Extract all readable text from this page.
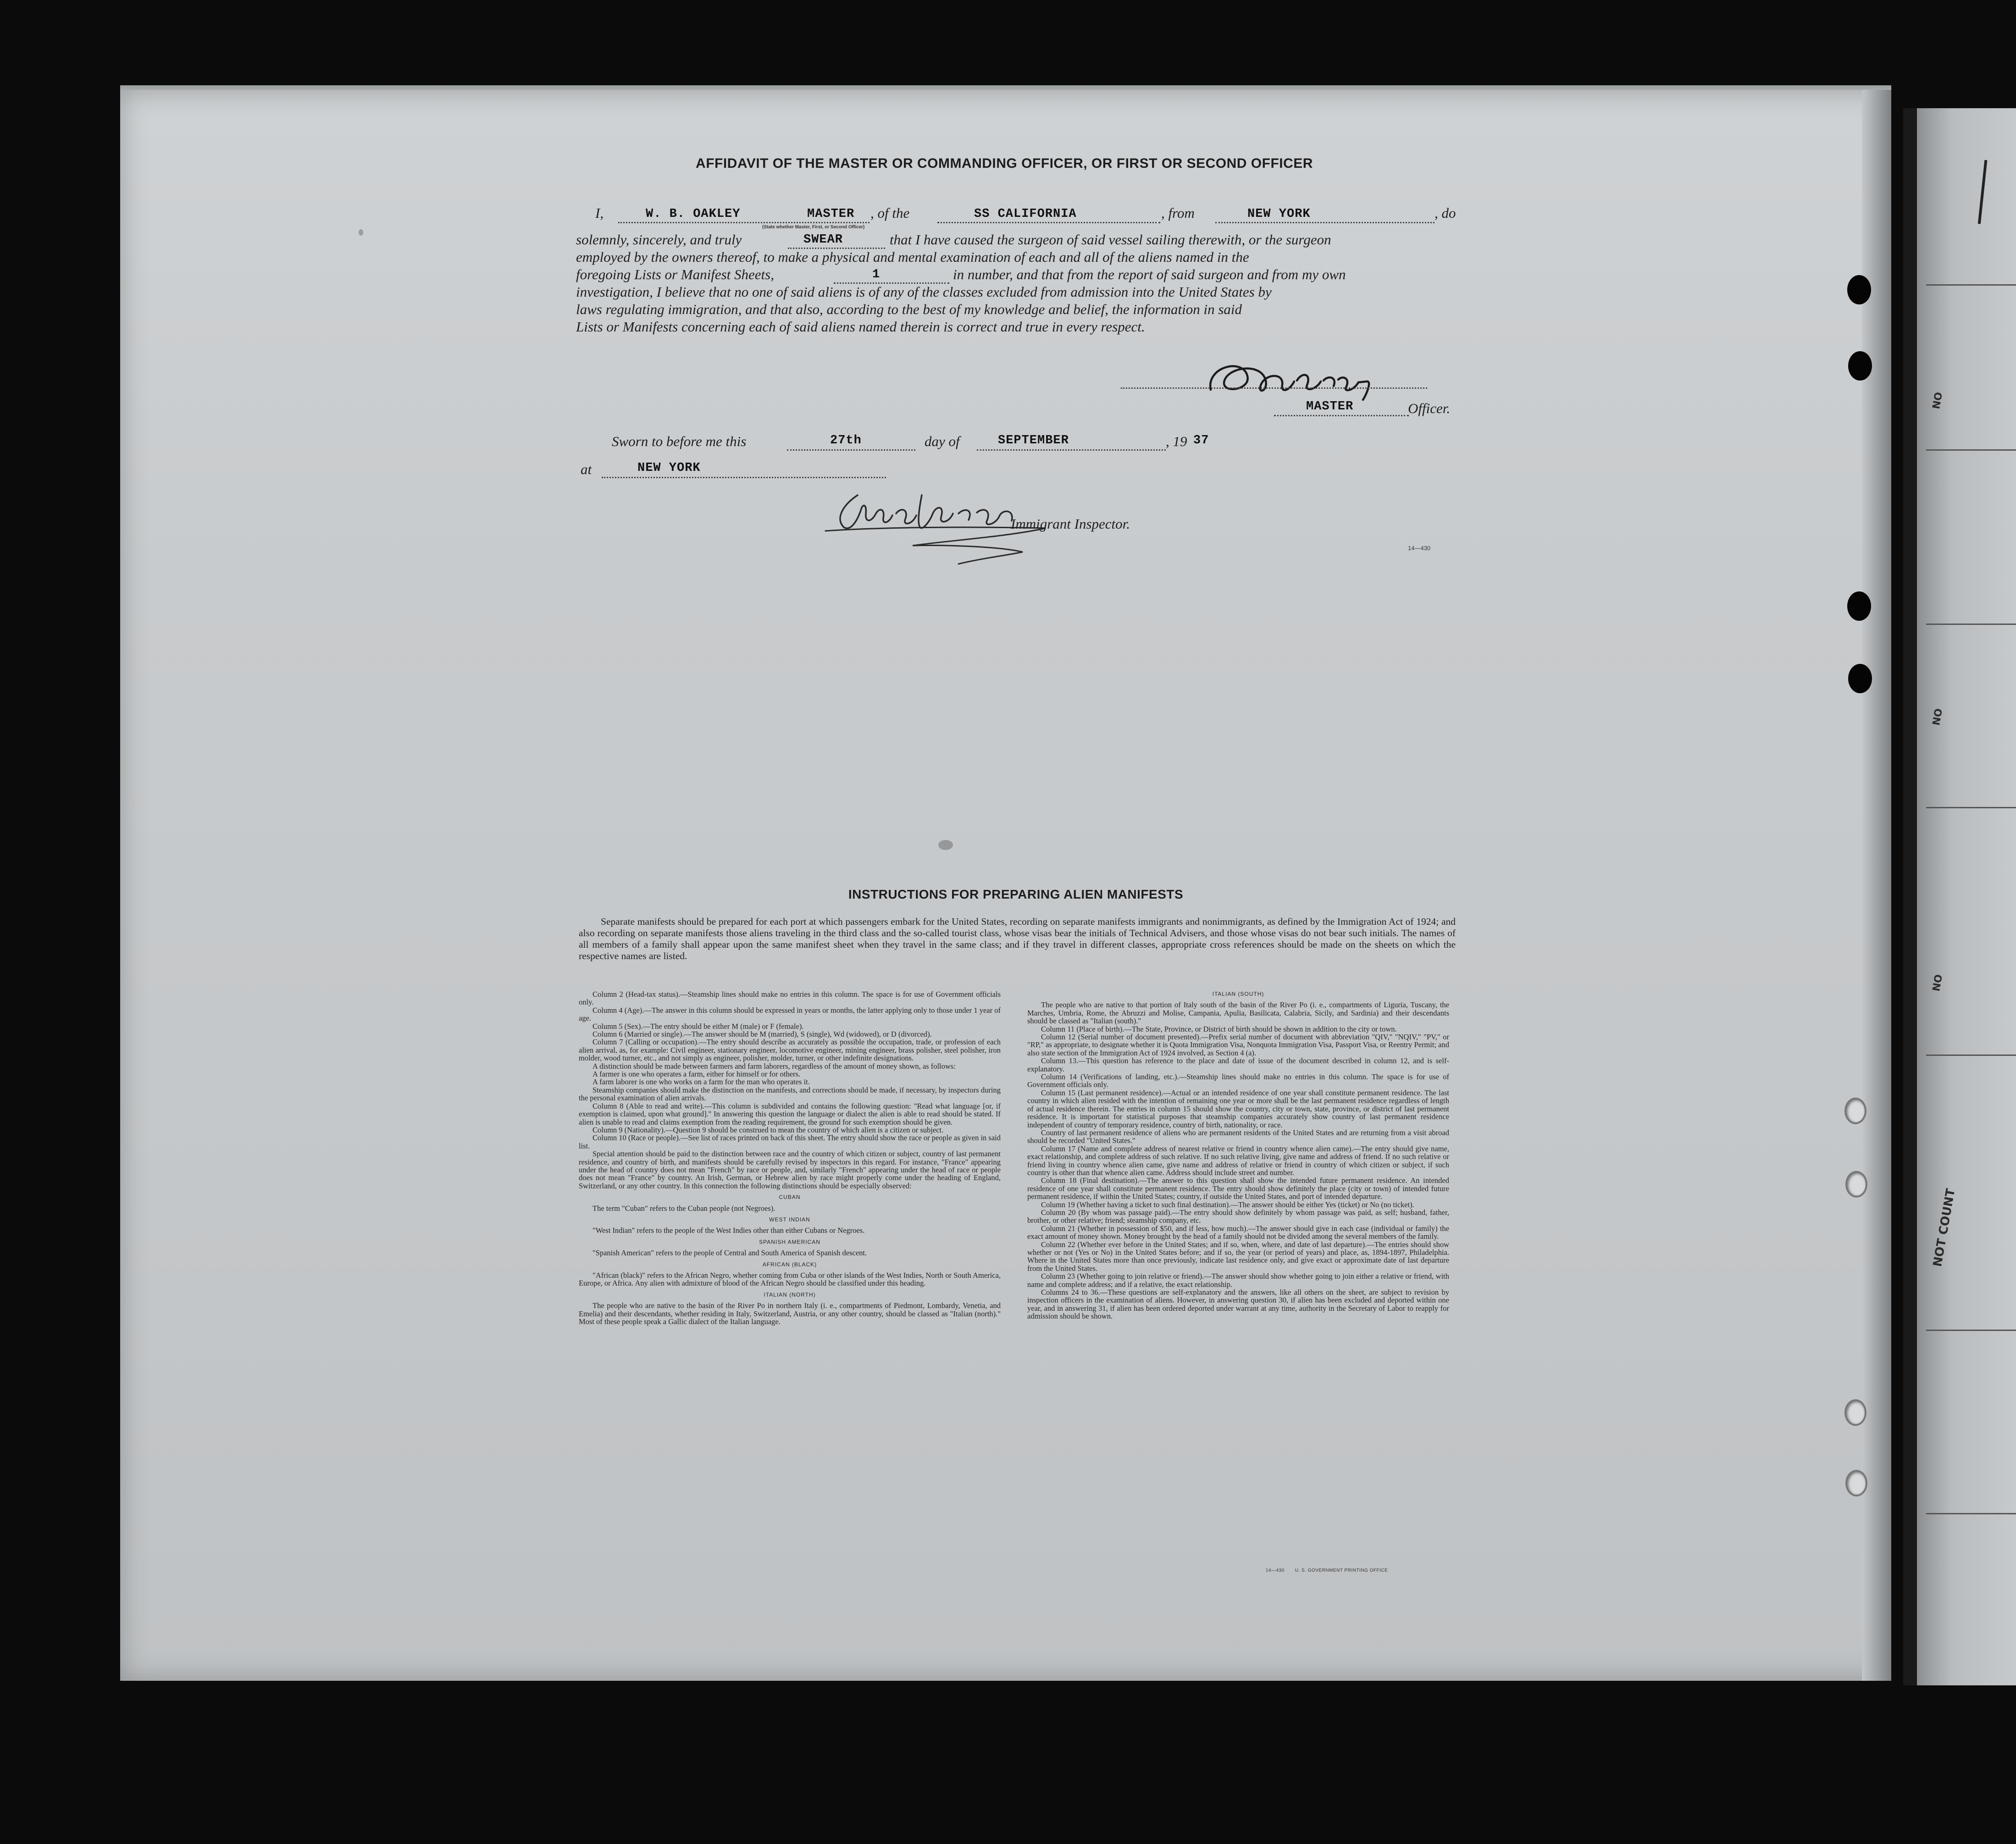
NO
NO
NO
NOT COUNT
AFFIDAVIT OF THE MASTER OR COMMANDING OFFICER, OR FIRST OR SECOND OFFICER
I,	W. B. OAKLEY	MASTER
(State whether Master, First, or Second Officer)
, of the	SS CALIFORNIA	, from	NEW YORK	, do
solemnly, sincerely, and truly	SWEAR	that I have caused the surgeon of said vessel sailing therewith, or the surgeon
employed by the owners thereof, to make a physical and mental examination of each and all of the aliens named in the
foregoing Lists or Manifest Sheets,	1	in number, and that from the report of said surgeon and from my own
investigation, I believe that no one of said aliens is of any of the classes excluded from admission into the United States by
laws regulating immigration, and that also, according to the best of my knowledge and belief, the information in said
Lists or Manifests concerning each of said aliens named therein is correct and true in every respect.
MASTER	Officer.
Sworn to before me this	27th	day of	SEPTEMBER	, 19 37
at	NEW YORK
Immigrant Inspector.
14—430
INSTRUCTIONS FOR PREPARING ALIEN MANIFESTS
Separate manifests should be prepared for each port at which passengers embark for the United States, recording on separate manifests immigrants and nonimmigrants, as defined by the Immigration Act of 1924; and also recording on separate manifests those aliens traveling in the third class and the so-called tourist class, whose visas bear the initials of Technical Advisers, and those whose visas do not bear such initials. The names of all members of a family shall appear upon the same manifest sheet when they travel in the same class; and if they travel in different classes, appropriate cross references should be made on the sheets on which the respective names are listed.

Column 2 (Head-tax status).—Steamship lines should make no entries in this column. The space is for use of Government officials only.

Column 4 (Age).—The answer in this column should be expressed in years or months, the latter applying only to those under 1 year of age.

Column 5 (Sex).—The entry should be either M (male) or F (female).

Column 6 (Married or single).—The answer should be M (married), S (single), Wd (widowed), or D (divorced).

Column 7 (Calling or occupation).—The entry should describe as accurately as possible the occupation, trade, or profession of each alien arrival, as, for example: Civil engineer, stationary engineer, locomotive engineer, mining engineer, brass polisher, steel polisher, iron molder, wood turner, etc., and not simply as engineer, polisher, molder, turner, or other indefinite designations.

A distinction should be made between farmers and farm laborers, regardless of the amount of money shown, as follows:

A farmer is one who operates a farm, either for himself or for others.

A farm laborer is one who works on a farm for the man who operates it.

Steamship companies should make the distinction on the manifests, and corrections should be made, if necessary, by inspectors during the personal examination of alien arrivals.

Column 8 (Able to read and write).—This column is subdivided and contains the following question: "Read what language [or, if exemption is claimed, upon what ground]." In answering this question the language or dialect the alien is able to read should be stated. If alien is unable to read and claims exemption from the reading requirement, the ground for such exemption should be given.

Column 9 (Nationality).—Question 9 should be construed to mean the country of which alien is a citizen or subject.

Column 10 (Race or people).—See list of races printed on back of this sheet. The entry should show the race or people as given in said list.

Special attention should be paid to the distinction between race and the country of which citizen or subject, country of last permanent residence, and country of birth, and manifests should be carefully revised by inspectors in this regard. For instance, "France" appearing under the head of country does not mean "French" by race or people, and, similarly "French" appearing under the head of race or people does not mean "France" by country. An Irish, German, or Hebrew alien by race might properly come under the heading of England, Switzerland, or any other country. In this connection the following distinctions should be especially observed:

CUBAN

The term "Cuban" refers to the Cuban people (not Negroes).

WEST INDIAN

"West Indian" refers to the people of the West Indies other than either Cubans or Negroes.

SPANISH AMERICAN

"Spanish American" refers to the people of Central and South America of Spanish descent.

AFRICAN (BLACK)

"African (black)" refers to the African Negro, whether coming from Cuba or other islands of the West Indies, North or South America, Europe, or Africa. Any alien with admixture of blood of the African Negro should be classified under this heading.

ITALIAN (NORTH)

The people who are native to the basin of the River Po in northern Italy (i. e., compartments of Piedmont, Lombardy, Venetia, and Emelia) and their descendants, whether residing in Italy, Switzerland, Austria, or any other country, should be classed as "Italian (north)." Most of these people speak a Gallic dialect of the Italian language.

ITALIAN (SOUTH)

The people who are native to that portion of Italy south of the basin of the River Po (i. e., compartments of Liguria, Tuscany, the Marches, Umbria, Rome, the Abruzzi and Molise, Campania, Apulia, Basilicata, Calabria, Sicily, and Sardinia) and their descendants should be classed as "Italian (south)."

Column 11 (Place of birth).—The State, Province, or District of birth should be shown in addition to the city or town.

Column 12 (Serial number of document presented).—Prefix serial number of document with abbreviation "QIV," "NQIV," "PV," or "RP," as appropriate, to designate whether it is Quota Immigration Visa, Nonquota Immigration Visa, Passport Visa, or Reentry Permit; and also state section of the Immigration Act of 1924 involved, as Section 4 (a).

Column 13.—This question has reference to the place and date of issue of the document described in column 12, and is self-explanatory.

Column 14 (Verifications of landing, etc.).—Steamship lines should make no entries in this column. The space is for use of Government officials only.

Column 15 (Last permanent residence).—Actual or an intended residence of one year shall constitute permanent residence. The last country in which alien resided with the intention of remaining one year or more shall be the last permanent residence regardless of length of actual residence therein. The entries in column 15 should show the country, city or town, state, province, or district of last permanent residence. It is important for statistical purposes that steamship companies accurately show country of last permanent residence independent of country of temporary residence, country of birth, nationality, or race.

Country of last permanent residence of aliens who are permanent residents of the United States and are returning from a visit abroad should be recorded "United States."

Column 17 (Name and complete address of nearest relative or friend in country whence alien came).—The entry should give name, exact relationship, and complete address of such relative. If no such relative living, give name and address of friend. If no such relative or friend living in country whence alien came, give name and address of relative or friend in country of which citizen or subject, if such country is other than that whence alien came. Address should include street and number.

Column 18 (Final destination).—The answer to this question shall show the intended future permanent residence. An intended residence of one year shall constitute permanent residence. The entry should show definitely the place (city or town) of intended future permanent residence, if within the United States; country, if outside the United States, and port of intended departure.

Column 19 (Whether having a ticket to such final destination).—The answer should be either Yes (ticket) or No (no ticket).

Column 20 (By whom was passage paid).—The entry should show definitely by whom passage was paid, as self; husband, father, brother, or other relative; friend; steamship company, etc.

Column 21 (Whether in possession of $50, and if less, how much).—The answer should give in each case (individual or family) the exact amount of money shown. Money brought by the head of a family should not be divided among the several members of the family.

Column 22 (Whether ever before in the United States; and if so, when, where, and date of last departure).—The entries should show whether or not (Yes or No) in the United States before; and if so, the year (or period of years) and place, as, 1894-1897, Philadelphia. Where in the United States more than once previously, indicate last residence only, and give exact or approximate date of last departure from the United States.

Column 23 (Whether going to join relative or friend).—The answer should show whether going to join either a relative or friend, with name and complete address; and if a relative, the exact relationship.

Columns 24 to 36.—These questions are self-explanatory and the answers, like all others on the sheet, are subject to revision by inspection officers in the examination of aliens. However, in answering question 30, if alien has been excluded and deported within one year, and in answering 31, if alien has been ordered deported under warrant at any time, authority in the Secretary of Labor to reapply for admission should be shown.

14—430 U. S. GOVERNMENT PRINTING OFFICE
